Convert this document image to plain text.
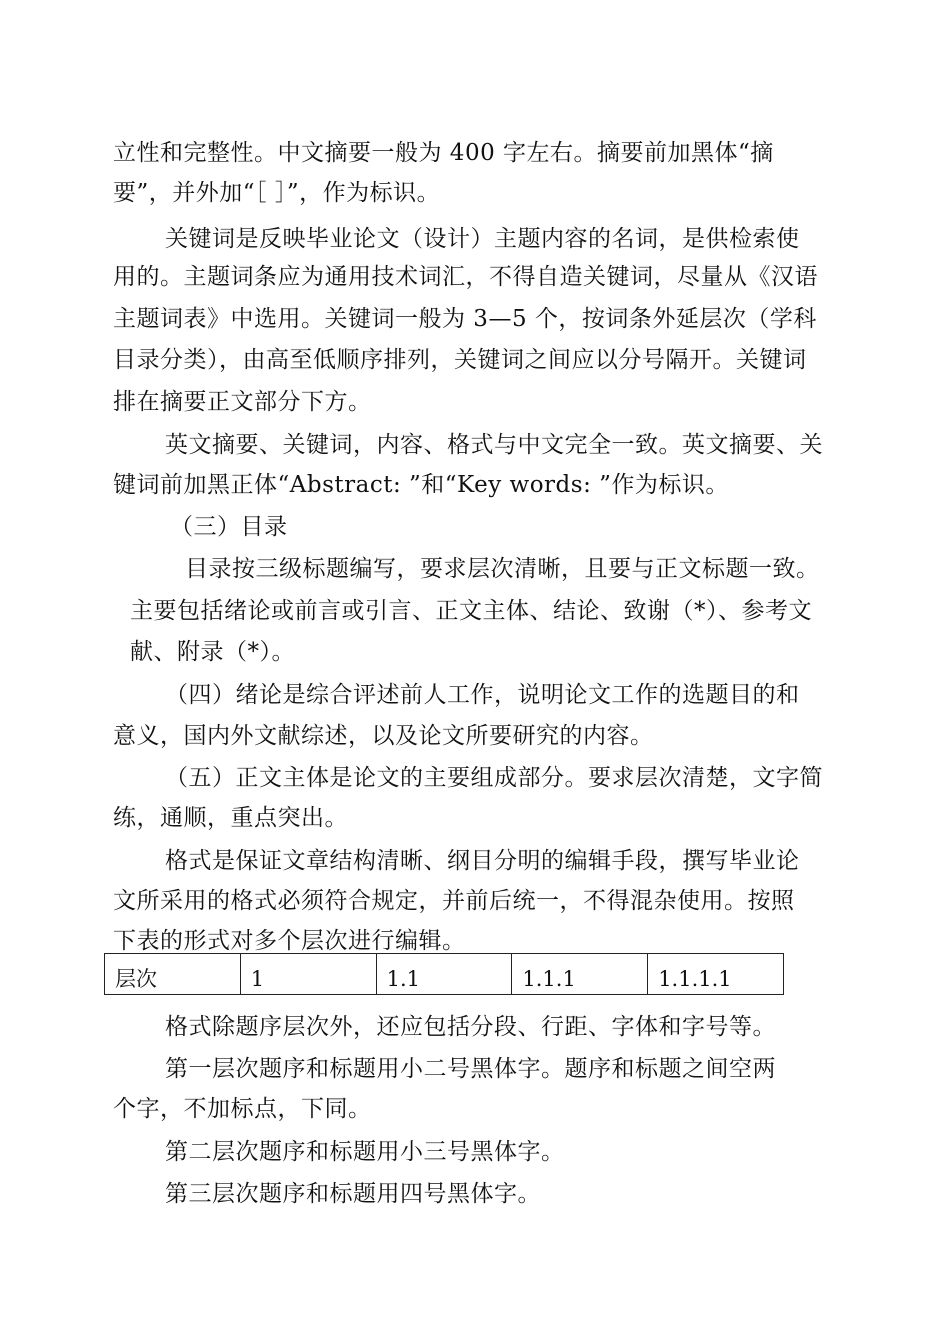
立性和完整性。中文摘要一般为 400 字左右。摘要前加黑体“摘
要”，并外加“［ ］”，作为标识。
关键词是反映毕业论文（设计）主题内容的名词，是供检索使
用的。主题词条应为通用技术词汇，不得自造关键词，尽量从《汉语
主题词表》中选用。关键词一般为 3—5 个，按词条外延层次（学科
目录分类），由高至低顺序排列，关键词之间应以分号隔开。关键词
排在摘要正文部分下方。
英文摘要、关键词，内容、格式与中文完全一致。英文摘要、关
键词前加黑正体“Abstract: ”和“Key words: ”作为标识。
（三）目录
目录按三级标题编写，要求层次清晰，且要与正文标题一致。
主要包括绪论或前言或引言、正文主体、结论、致谢（*）、参考文
献、附录（*）。
（四）绪论是综合评述前人工作，说明论文工作的选题目的和
意义，国内外文献综述，以及论文所要研究的内容。
（五）正文主体是论文的主要组成部分。要求层次清楚，文字简
练，通顺，重点突出。
格式是保证文章结构清晰、纲目分明的编辑手段，撰写毕业论
文所采用的格式必须符合规定，并前后统一，不得混杂使用。按照
下表的形式对多个层次进行编辑。
层次	1	1.1	1.1.1	1.1.1.1
格式除题序层次外，还应包括分段、行距、字体和字号等。
第一层次题序和标题用小二号黑体字。题序和标题之间空两
个字，不加标点，下同。
第二层次题序和标题用小三号黑体字。
第三层次题序和标题用四号黑体字。
